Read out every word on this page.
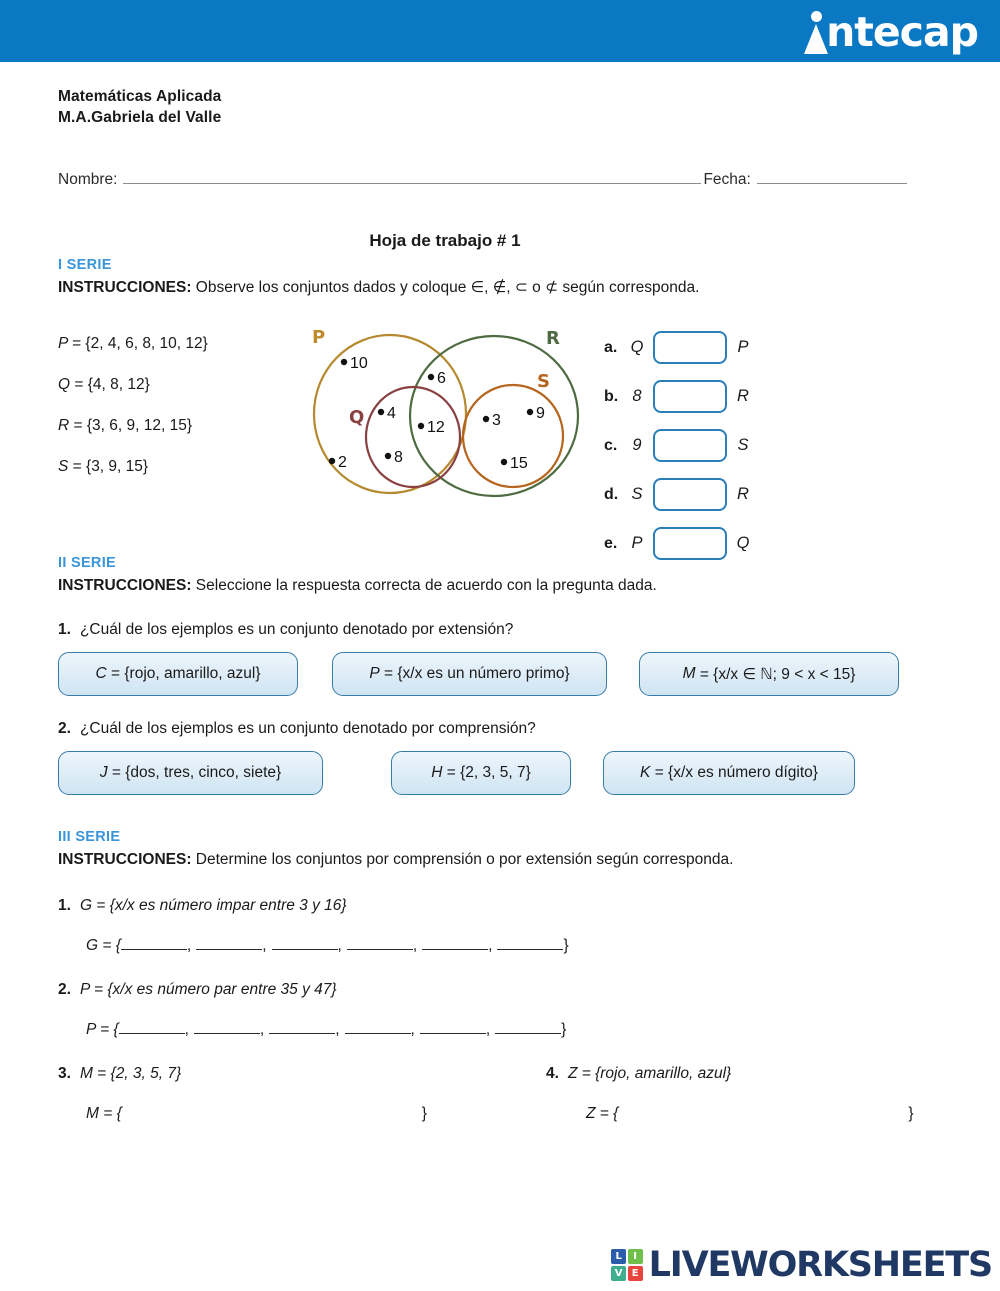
ntecap
Matemáticas Aplicada
M.A.Gabriela del Valle
Nombre:	Fecha:
Hoja de trabajo # 1
I SERIE
INSTRUCCIONES: Observe los conjuntos dados y coloque ∈, ∉, ⊂ o ⊄ según corresponda.
P = {2, 4, 6, 8, 10, 12}
Q = {4, 8, 12}
R = {3, 6, 9, 12, 15}
S = {3, 9, 15}
P	R
Q
S
10
6
4
12	3 9
2	8	15
a. Q	P
b. 8	R
c. 9	S
d. S	R
e. P	Q
II SERIE
INSTRUCCIONES: Seleccione la respuesta correcta de acuerdo con la pregunta dada.
1. ¿Cuál de los ejemplos es un conjunto denotado por extensión?
C
= {rojo, amarillo, azul}	P
= {x/x es un número primo}	M
= {x/x ∈ ℕ; 9 < x < 15}
2. ¿Cuál de los ejemplos es un conjunto denotado por comprensión?
J
= {dos, tres, cinco, siete}	H
= {2, 3, 5, 7}	K
= {x/x es número dígito}
III SERIE
INSTRUCCIONES: Determine los conjuntos por comprensión o por extensión según corresponda.
1. G = {x/x es número impar entre 3 y 16}
G = {	,	,	,	,	,	}
2. P = {x/x es número par entre 35 y 47}
P = {	,	,	,	,	,	}
3. M = {2, 3, 5, 7}	4. Z = {rojo, amarillo, azul}
M = {	}	Z = {	}
L	I
V E LIVEWORKSHEETS
